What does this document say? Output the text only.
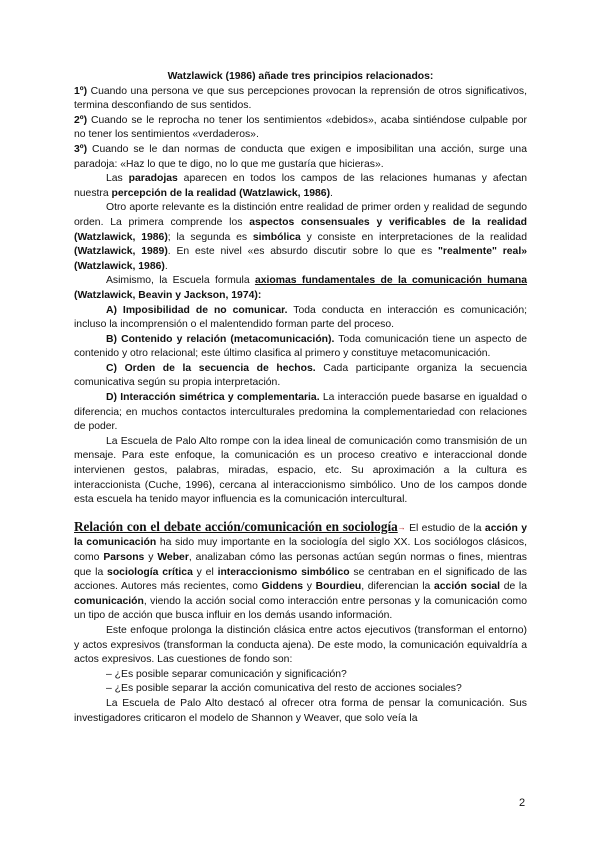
Watzlawick (1986) añade tres principios relacionados:

1º) Cuando una persona ve que sus percepciones provocan la reprensión de otros significativos, termina desconfiando de sus sentidos.

2º) Cuando se le reprocha no tener los sentimientos «debidos», acaba sintiéndose culpable por no tener los sentimientos «verdaderos».

3º) Cuando se le dan normas de conducta que exigen e imposibilitan una acción, surge una paradoja: «Haz lo que te digo, no lo que me gustaría que hicieras».

Las paradojas aparecen en todos los campos de las relaciones humanas y afectan nuestra percepción de la realidad (Watzlawick, 1986).

Otro aporte relevante es la distinción entre realidad de primer orden y realidad de segundo orden. La primera comprende los aspectos consensuales y verificables de la realidad (Watzlawick, 1986); la segunda es simbólica y consiste en interpretaciones de la realidad (Watzlawick, 1989). En este nivel «es absurdo discutir sobre lo que es "realmente" real» (Watzlawick, 1986).

Asimismo, la Escuela formula axiomas fundamentales de la comunicación humana (Watzlawick, Beavin y Jackson, 1974):

A) Imposibilidad de no comunicar. Toda conducta en interacción es comunicación; incluso la incomprensión o el malentendido forman parte del proceso.

B) Contenido y relación (metacomunicación). Toda comunicación tiene un aspecto de contenido y otro relacional; este último clasifica al primero y constituye metacomunicación.

C) Orden de la secuencia de hechos. Cada participante organiza la secuencia comunicativa según su propia interpretación.

D) Interacción simétrica y complementaria. La interacción puede basarse en igualdad o diferencia; en muchos contactos interculturales predomina la complementariedad con relaciones de poder.

La Escuela de Palo Alto rompe con la idea lineal de comunicación como transmisión de un mensaje. Para este enfoque, la comunicación es un proceso creativo e interaccional donde intervienen gestos, palabras, miradas, espacio, etc. Su aproximación a la cultura es interaccionista (Cuche, 1996), cercana al interaccionismo simbólico. Uno de los campos donde esta escuela ha tenido mayor influencia es la comunicación intercultural.

Relación con el debate acción/comunicación en sociología→ El estudio de la acción y la comunicación ha sido muy importante en la sociología del siglo XX. Los sociólogos clásicos, como Parsons y Weber, analizaban cómo las personas actúan según normas o fines, mientras que la sociología crítica y el interaccionismo simbólico se centraban en el significado de las acciones. Autores más recientes, como Giddens y Bourdieu, diferencian la acción social de la comunicación, viendo la acción social como interacción entre personas y la comunicación como un tipo de acción que busca influir en los demás usando información.

Este enfoque prolonga la distinción clásica entre actos ejecutivos (transforman el entorno) y actos expresivos (transforman la conducta ajena). De este modo, la comunicación equivaldría a actos expresivos. Las cuestiones de fondo son:

– ¿Es posible separar comunicación y significación?

– ¿Es posible separar la acción comunicativa del resto de acciones sociales?

La Escuela de Palo Alto destacó al ofrecer otra forma de pensar la comunicación. Sus investigadores criticaron el modelo de Shannon y Weaver, que solo veía la

2
